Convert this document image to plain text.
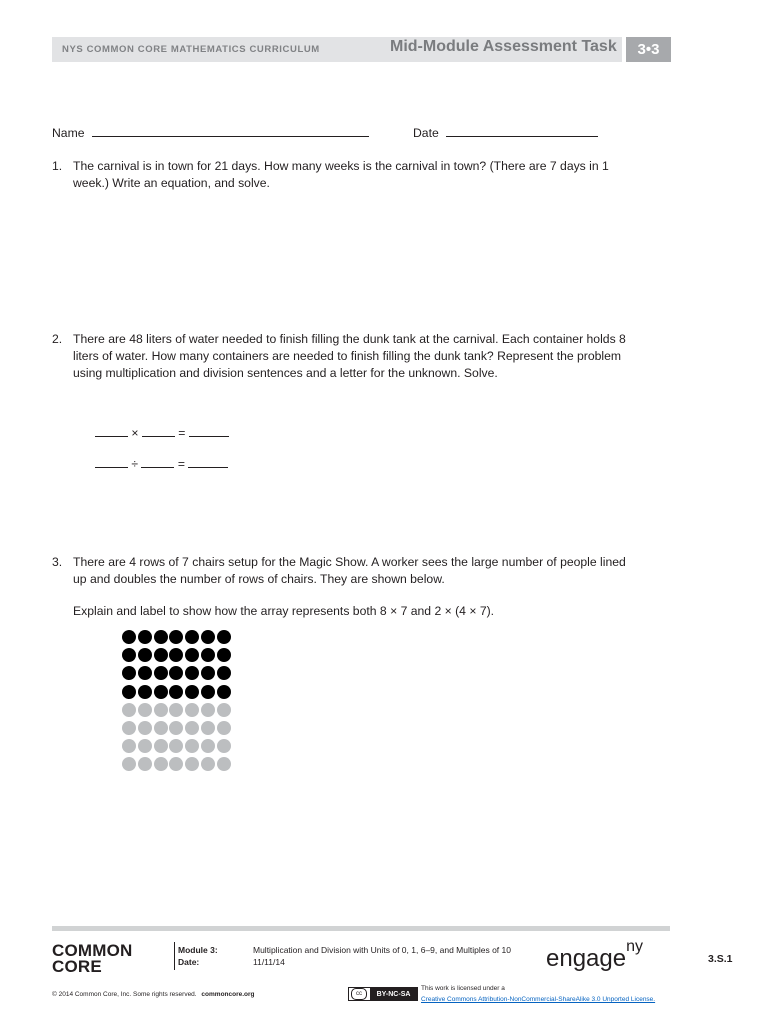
NYS COMMON CORE MATHEMATICS CURRICULUM	Mid-Module Assessment Task	3•3
Name	Date
1. The carnival is in town for 21 days. How many weeks is the carnival in town? (There are 7 days in 1
week.) Write an equation, and solve.
2. There are 48 liters of water needed to finish filling the dunk tank at the carnival. Each container holds 8
liters of water. How many containers are needed to finish filling the dunk tank? Represent the problem
using multiplication and division sentences and a letter for the unknown. Solve.
×	=
÷	=
3. There are 4 rows of 7 chairs setup for the Magic Show. A worker sees the large number of people lined
up and doubles the number of rows of chairs. They are shown below.
Explain and label to show how the array represents both 8 × 7 and 2 × (4 × 7).
COMMON
CORE
Module 3:
Date:
Multiplication and Division with Units of 0, 1, 6–9, and Multiples of 10
11/11/14	engage$^{ny}$
3.S.1
© 2014 Common Core, Inc. Some rights reserved. commoncore.org	cc	BY-NC-SA
This work is licensed under a
Creative Commons Attribution-NonCommercial-ShareAlike 3.0 Unported License.
